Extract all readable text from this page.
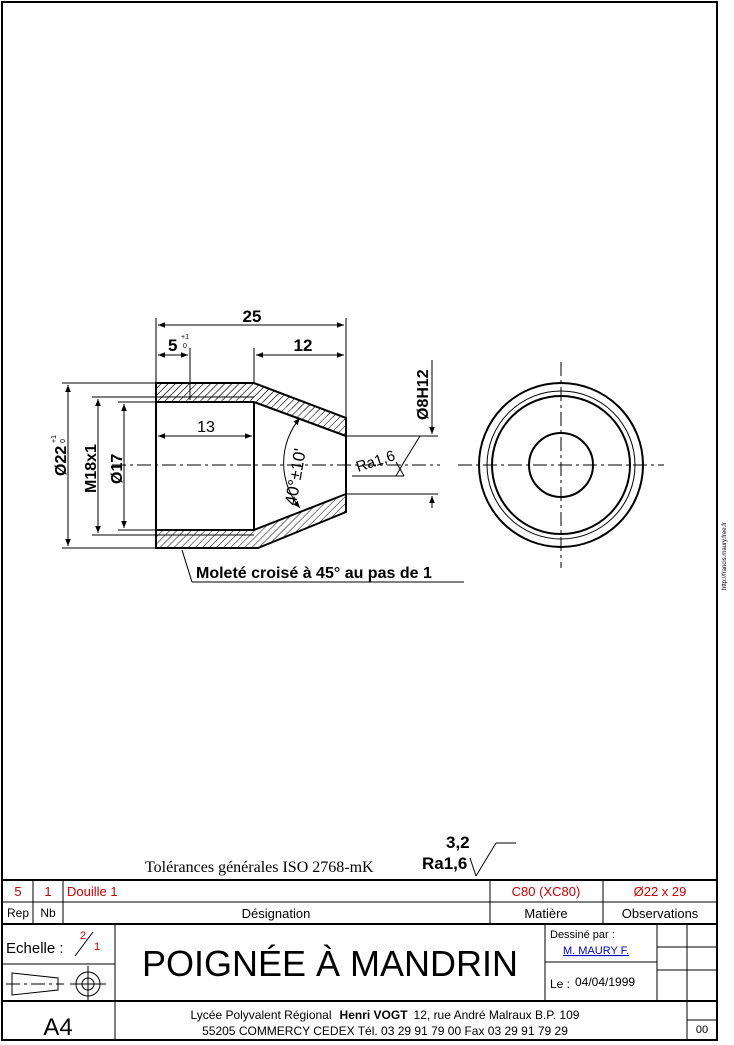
25
5 +1
0	12
13
Ø22
+1 0
M18x1 Ø17
Ø8H12
40°±10'	Ra1,6
Moleté croisé à 45° au pas de 1	http://francis.maury.free.fr
Tolérances générales ISO 2768-mK
3,2
Ra1,6
5 1 Douille 1	C80 (XC80)	Ø22 x 29
Rep Nb	Désignation	Matière	Observations
Echelle :
2
1 POIGNÉE À MANDRIN
Dessiné par :
M. MAURY F.
Le : 04/04/1999
A4	Lycée Polyvalent Régional Henri VOGT 12, rue André Malraux B.P. 109
55205 COMMERCY CEDEX Tél. 03 29 91 79 00 Fax 03 29 91 79 29	00
